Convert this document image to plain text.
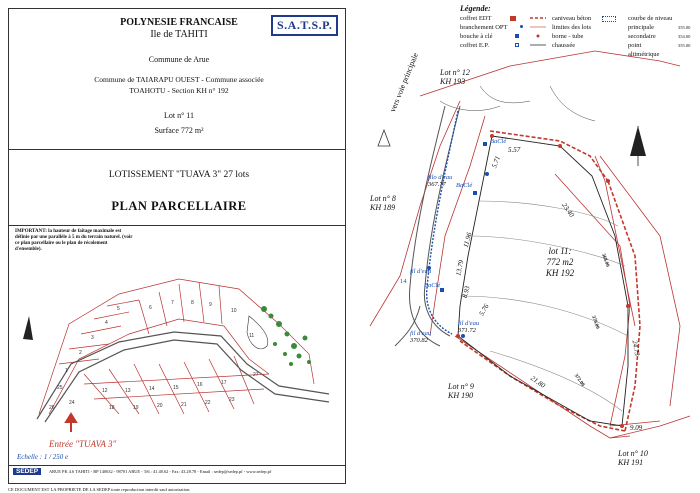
POLYNESIE FRANCAISE
Ile de TAHITI
S.A.T.S.P.
Commune de Arue
Commune de TAIARAPU OUEST - Commune associée
TOAHOTU - Section KH n° 192
Lot n° 11
Surface 772 m²
LOTISSEMENT "TUAVA 3" 27 lots
PLAN PARCELLAIRE
IMPORTANT: la hauteur de faîtage maximale est définie par une parallèle à 5 m du terrain naturel. (voir ce plan parcellaire ou le plan de récolement d'ensemble).
1
2
3
4
5	6
7	8	9
10
11
12	13	14	15	16	17
18	19	20	21	22	23
24
25
26
27
Entrée "TUAVA 3"
Echelle : 1 / 250 e
SEDEP	ARUE PK 4.6 TAHITI - BP 140632 - 98701 ARUE - Tél.: 41.48.62 - Fax: 43.28.78 - Email : sedep@sedep.pf - www.sedep.pf
CE DOCUMENT EST LA PROPRIETE DE LA SEDEP toute reproduction interdit sauf autorisation.
Légende:
coffret EDT
branchement OPT
bouche à clé
coffret E.P.
caniveau béton
limites des lots
borne - tube
chaussée
courbe de niveau
principale
secondaire
point altimétrique
355.00
354.00
355.00
vers voie principale	Lot n° 12
KH 193
Lot n° 8
KH 189
Lot n° 9
KH 190
Lot n° 10
KH 191
lot 11:
772 m2
KH 192
5.57
5.71
23.40
11.96
13.79
8.93
5.76
21.80
24.73
9.09
368.00
370.00
372.00
BaClé
BaClé
BaClé
filo d'eau
367.77
fil d'eau
fil d'eau
370.82
fil d'eau
371.72
14
